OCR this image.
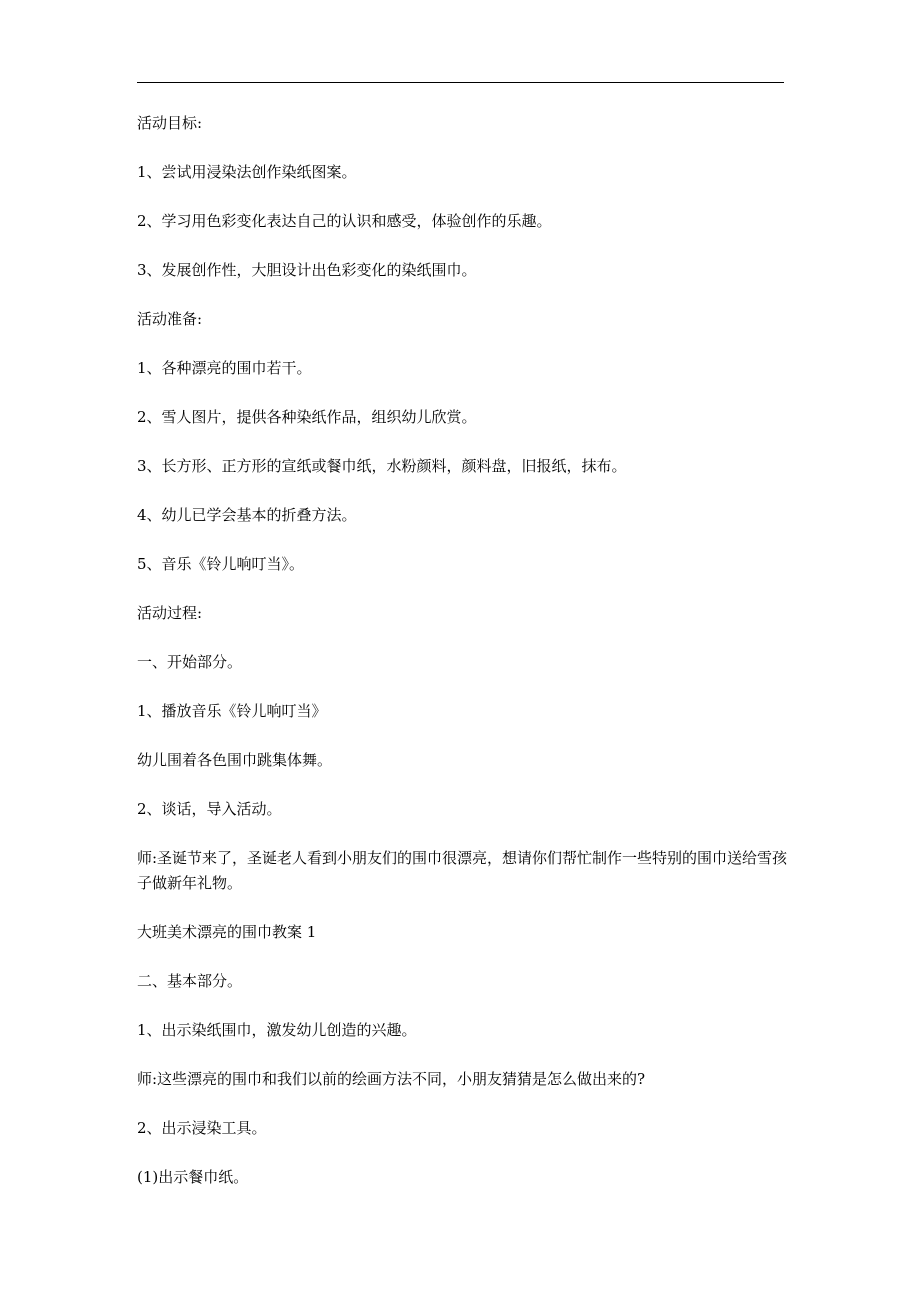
活动目标:

1、尝试用浸染法创作染纸图案。

2、学习用色彩变化表达自己的认识和感受，体验创作的乐趣。

3、发展创作性，大胆设计出色彩变化的染纸围巾。

活动准备:

1、各种漂亮的围巾若干。

2、雪人图片，提供各种染纸作品，组织幼儿欣赏。

3、长方形、正方形的宣纸或餐巾纸，水粉颜料，颜料盘，旧报纸，抹布。

4、幼儿已学会基本的折叠方法。

5、音乐《铃儿响叮当》。

活动过程:

一、开始部分。

1、播放音乐《铃儿响叮当》

幼儿围着各色围巾跳集体舞。

2、谈话，导入活动。

师:圣诞节来了，圣诞老人看到小朋友们的围巾很漂亮，想请你们帮忙制作一些特别的围巾送给雪孩子做新年礼物。

大班美术漂亮的围巾教案 1

二、基本部分。

1、出示染纸围巾，激发幼儿创造的兴趣。

师:这些漂亮的围巾和我们以前的绘画方法不同，小朋友猜猜是怎么做出来的?

2、出示浸染工具。

(1)出示餐巾纸。
